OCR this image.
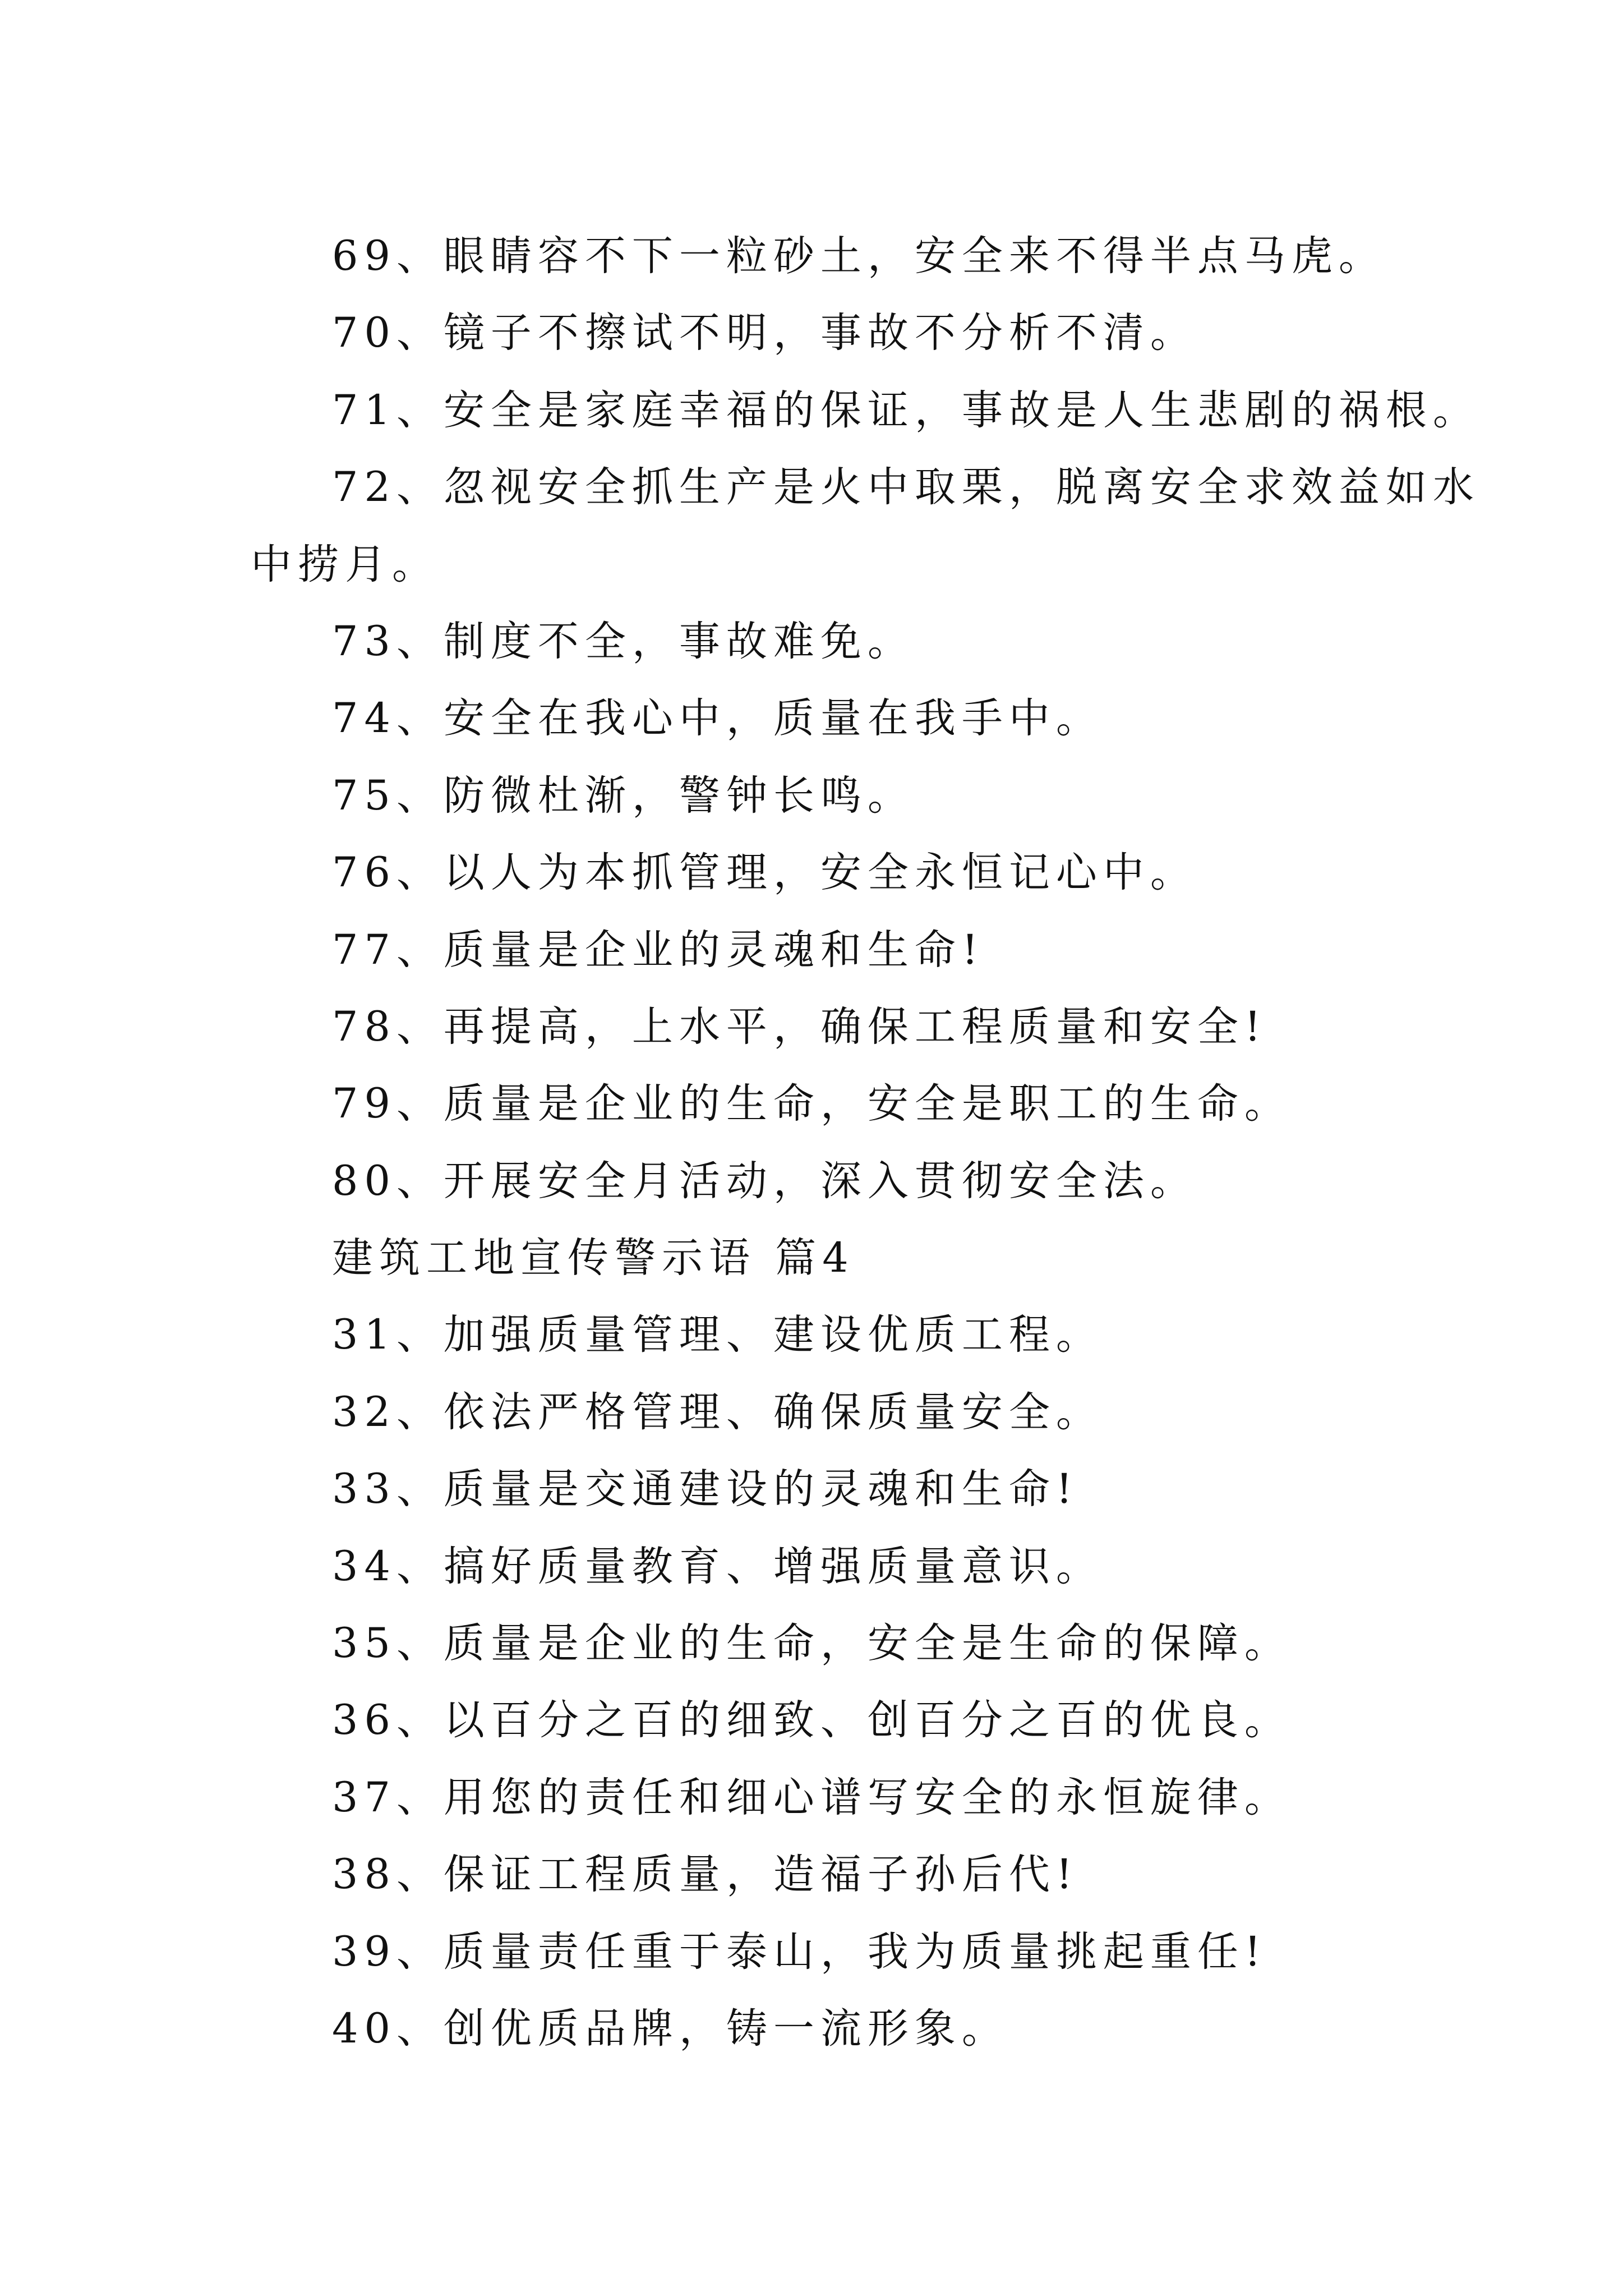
69、眼睛容不下一粒砂土，安全来不得半点马虎。
70、镜子不擦试不明，事故不分析不清。
71、安全是家庭幸福的保证，事故是人生悲剧的祸根。
72、忽视安全抓生产是火中取栗，脱离安全求效益如水
中捞月。
73、制度不全，事故难免。
74、安全在我心中，质量在我手中。
75、防微杜渐，警钟长鸣。
76、以人为本抓管理，安全永恒记心中。
77、质量是企业的灵魂和生命!
78、再提高，上水平，确保工程质量和安全!
79、质量是企业的生命，安全是职工的生命。
80、开展安全月活动，深入贯彻安全法。
建筑工地宣传警示语 篇4
31、加强质量管理、建设优质工程。
32、依法严格管理、确保质量安全。
33、质量是交通建设的灵魂和生命!
34、搞好质量教育、增强质量意识。
35、质量是企业的生命，安全是生命的保障。
36、以百分之百的细致、创百分之百的优良。
37、用您的责任和细心谱写安全的永恒旋律。
38、保证工程质量，造福子孙后代!
39、质量责任重于泰山，我为质量挑起重任!
40、创优质品牌，铸一流形象。
